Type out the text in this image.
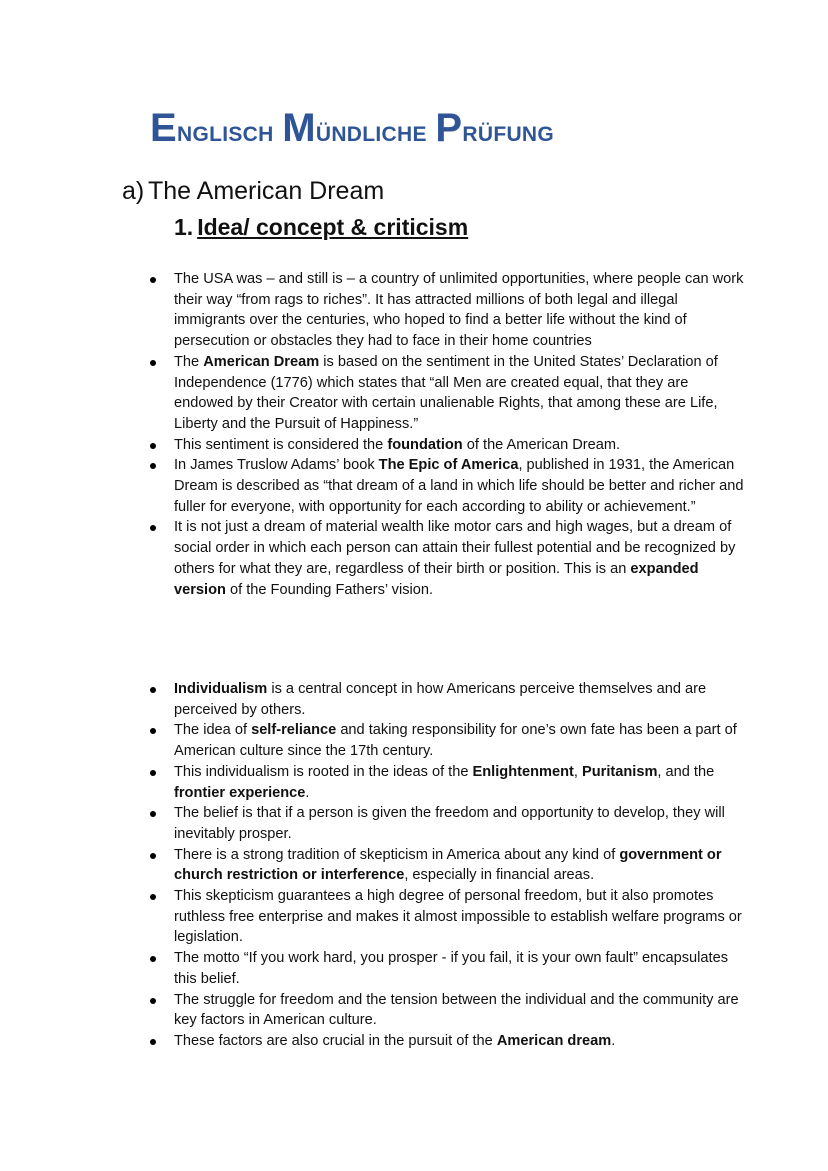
Englisch Mündliche Prüfung
a) The American Dream
1. Idea/ concept & criticism
The USA was – and still is – a country of unlimited opportunities, where people can work their way “from rags to riches”. It has attracted millions of both legal and illegal immigrants over the centuries, who hoped to find a better life without the kind of persecution or obstacles they had to face in their home countries
The American Dream is based on the sentiment in the United States’ Declaration of Independence (1776) which states that “all Men are created equal, that they are endowed by their Creator with certain unalienable Rights, that among these are Life, Liberty and the Pursuit of Happiness.”
This sentiment is considered the foundation of the American Dream.
In James Truslow Adams’ book The Epic of America, published in 1931, the American Dream is described as “that dream of a land in which life should be better and richer and fuller for everyone, with opportunity for each according to ability or achievement.”
It is not just a dream of material wealth like motor cars and high wages, but a dream of social order in which each person can attain their fullest potential and be recognized by others for what they are, regardless of their birth or position. This is an expanded version of the Founding Fathers’ vision.
Individualism is a central concept in how Americans perceive themselves and are perceived by others.
The idea of self-reliance and taking responsibility for one’s own fate has been a part of American culture since the 17th century.
This individualism is rooted in the ideas of the Enlightenment, Puritanism, and the frontier experience.
The belief is that if a person is given the freedom and opportunity to develop, they will inevitably prosper.
There is a strong tradition of skepticism in America about any kind of government or church restriction or interference, especially in financial areas.
This skepticism guarantees a high degree of personal freedom, but it also promotes ruthless free enterprise and makes it almost impossible to establish welfare programs or legislation.
The motto “If you work hard, you prosper - if you fail, it is your own fault” encapsulates this belief.
The struggle for freedom and the tension between the individual and the community are key factors in American culture.
These factors are also crucial in the pursuit of the American dream.
